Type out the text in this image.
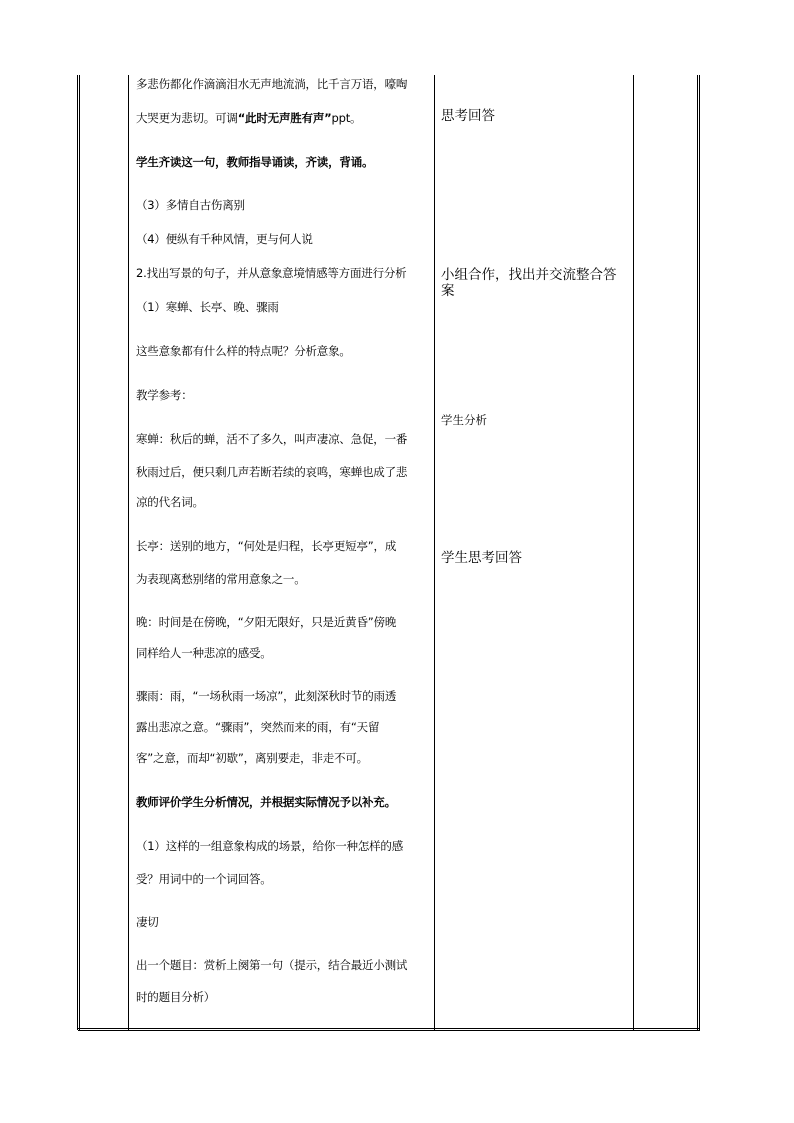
多悲伤都化作滴滴泪水无声地流淌，比千言万语，嚎啕
大哭更为悲切。可调“此时无声胜有声”ppt。
学生齐读这一句，教师指导诵读，齐读，背诵。
（3）多情自古伤离别
（4）便纵有千种风情，更与何人说
2.找出写景的句子，并从意象意境情感等方面进行分析
（1）寒蝉、长亭、晚、骤雨
这些意象都有什么样的特点呢？分析意象。
教学参考：
寒蝉：秋后的蝉，活不了多久，叫声凄凉、急促，一番
秋雨过后，便只剩几声若断若续的哀鸣，寒蝉也成了悲
凉的代名词。
长亭：送别的地方，“何处是归程，长亭更短亭”，成
为表现离愁别绪的常用意象之一。
晚：时间是在傍晚，“夕阳无限好，只是近黄昏”傍晚
同样给人一种悲凉的感受。
骤雨：雨，“一场秋雨一场凉”，此刻深秋时节的雨透
露出悲凉之意。“骤雨”，突然而来的雨，有“天留
客”之意，而却“初歇”，离别要走，非走不可。
教师评价学生分析情况，并根据实际情况予以补充。
（1）这样的一组意象构成的场景，给你一种怎样的感
受？用词中的一个词回答。
凄切
出一个题目：赏析上阕第一句（提示，结合最近小测试
时的题目分析）
思考回答
小组合作，找出并交流整合答案
学生分析
学生思考回答
